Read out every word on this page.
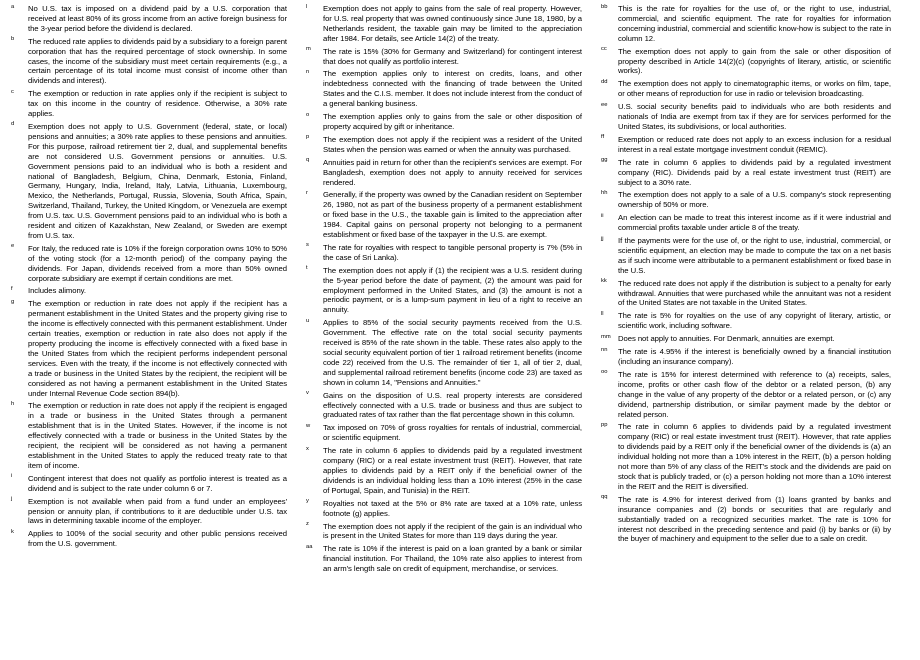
a No U.S. tax is imposed on a dividend paid by a U.S. corporation that received at least 80% of its gross income from an active foreign business for the 3-year period before the dividend is declared.
b The reduced rate applies to dividends paid by a subsidiary to a foreign parent corporation that has the required percentage of stock ownership. In some cases, the income of the subsidiary must meet certain requirements (e.g., a certain percentage of its total income must consist of income other than dividends and interest).
c The exemption or reduction in rate applies only if the recipient is subject to tax on this income in the country of residence. Otherwise, a 30% rate applies.
d Exemption does not apply to U.S. Government (federal, state, or local) pensions and annuities; a 30% rate applies to these pensions and annuities. For this purpose, railroad retirement tier 2, dual, and supplemental benefits are not considered U.S. Government pensions or annuities. U.S. Government pensions paid to an individual who is both a resident and national of Bangladesh, Belgium, China, Denmark, Estonia, Finland, Germany, Hungary, India, Ireland, Italy, Latvia, Lithuania, Luxembourg, Mexico, the Netherlands, Portugal, Russia, Slovenia, South Africa, Spain, Switzerland, Thailand, Turkey, the United Kingdom, or Venezuela are exempt from U.S. tax. U.S. Government pensions paid to an individual who is both a resident and citizen of Kazakhstan, New Zealand, or Sweden are exempt from U.S. tax.
e For Italy, the reduced rate is 10% if the foreign corporation owns 10% to 50% of the voting stock (for a 12-month period) of the company paying the dividends. For Japan, dividends received from a more than 50% owned corporate subsidiary are exempt if certain conditions are met.
f Includes alimony.
g The exemption or reduction in rate does not apply if the recipient has a permanent establishment in the United States and the property giving rise to the income is effectively connected with this permanent establishment. Under certain treaties, exemption or reduction in rate also does not apply if the property producing the income is effectively connected with a fixed base in the United States from which the recipient performs independent personal services. Even with the treaty, if the income is not effectively connected with a trade or business in the United States by the recipient, the recipient will be considered as not having a permanent establishment in the United States under Internal Revenue Code section 894(b).
h The exemption or reduction in rate does not apply if the recipient is engaged in a trade or business in the United States through a permanent establishment that is in the United States. However, if the income is not effectively connected with a trade or business in the United States by the recipient, the recipient will be considered as not having a permanent establishment in the United States to apply the reduced treaty rate to that item of income.
i Contingent interest that does not qualify as portfolio interest is treated as a dividend and is subject to the rate under column 6 or 7.
j Exemption is not available when paid from a fund under an employees' pension or annuity plan, if contributions to it are deductible under U.S. tax laws in determining taxable income of the employer.
k Applies to 100% of the social security and other public pensions received from the U.S. government.
l Exemption does not apply to gains from the sale of real property. However, for U.S. real property that was owned continuously since June 18, 1980, by a Netherlands resident, the taxable gain may be limited to the appreciation after 1984. For details, see Article 14(2) of the treaty.
m The rate is 15% (30% for Germany and Switzerland) for contingent interest that does not qualify as portfolio interest.
n The exemption applies only to interest on credits, loans, and other indebtedness connected with the financing of trade between the United States and the C.I.S. member. It does not include interest from the conduct of a general banking business.
o The exemption applies only to gains from the sale or other disposition of property acquired by gift or inheritance.
p The exemption does not apply if the recipient was a resident of the United States when the pension was earned or when the annuity was purchased.
q Annuities paid in return for other than the recipient's services are exempt. For Bangladesh, exemption does not apply to annuity received for services rendered.
r Generally, if the property was owned by the Canadian resident on September 26, 1980, not as part of the business property of a permanent establishment or fixed base in the U.S., the taxable gain is limited to the appreciation after 1984. Capital gains on personal property not belonging to a permanent establishment or fixed base of the taxpayer in the U.S. are exempt.
s The rate for royalties with respect to tangible personal property is 7% (5% in the case of Sri Lanka).
t The exemption does not apply if (1) the recipient was a U.S. resident during the 5-year period before the date of payment, (2) the amount was paid for employment performed in the United States, and (3) the amount is not a periodic payment, or is a lump-sum payment in lieu of a right to receive an annuity.
u Applies to 85% of the social security payments received from the U.S. Government. The effective rate on the total social security payments received is 85% of the rate shown in the table. These rates also apply to the social security equivalent portion of tier 1 railroad retirement benefits (income code 22) received from the U.S. The remainder of tier 1, all of tier 2, dual, and supplemental railroad retirement benefits (income code 23) are taxed as shown in column 14, "Pensions and Annuities."
v Gains on the disposition of U.S. real property interests are considered effectively connected with a U.S. trade or business and thus are subject to graduated rates of tax rather than the flat percentage shown in this column.
w Tax imposed on 70% of gross royalties for rentals of industrial, commercial, or scientific equipment.
x The rate in column 6 applies to dividends paid by a regulated investment company (RIC) or a real estate investment trust (REIT). However, that rate applies to dividends paid by a REIT only if the beneficial owner of the dividends is an individual holding less than a 10% interest (25% in the case of Portugal, Spain, and Tunisia) in the REIT.
y Royalties not taxed at the 5% or 8% rate are taxed at a 10% rate, unless footnote (g) applies.
z The exemption does not apply if the recipient of the gain is an individual who is present in the United States for more than 119 days during the year.
aa The rate is 10% if the interest is paid on a loan granted by a bank or similar financial institution. For Thailand, the 10% rate also applies to interest from an arm's length sale on credit of equipment, merchandise, or services.
bb This is the rate for royalties for the use of, or the right to use, industrial, commercial, and scientific equipment. The rate for royalties for information concerning industrial, commercial and scientific know-how is subject to the rate in column 12.
cc The exemption does not apply to gain from the sale or other disposition of property described in Article 14(2)(c) (copyrights of literary, artistic, or scientific works).
dd The exemption does not apply to cinematographic items, or works on film, tape, or other means of reproduction for use in radio or television broadcasting.
ee U.S. social security benefits paid to individuals who are both residents and nationals of India are exempt from tax if they are for services performed for the United States, its subdivisions, or local authorities.
ff Exemption or reduced rate does not apply to an excess inclusion for a residual interest in a real estate mortgage investment conduit (REMIC).
gg The rate in column 6 applies to dividends paid by a regulated investment company (RIC). Dividends paid by a real estate investment trust (REIT) are subject to a 30% rate.
hh The exemption does not apply to a sale of a U.S. company's stock representing ownership of 50% or more.
ii An election can be made to treat this interest income as if it were industrial and commercial profits taxable under article 8 of the treaty.
jj If the payments were for the use of, or the right to use, industrial, commercial, or scientific equipment, an election may be made to compute the tax on a net basis as if such income were attributable to a permanent establishment or fixed base in the U.S.
kk The reduced rate does not apply if the distribution is subject to a penalty for early withdrawal. Annuities that were purchased while the annuitant was not a resident of the United States are not taxable in the United States.
ll The rate is 5% for royalties on the use of any copyright of literary, artistic, or scientific work, including software.
mm Does not apply to annuities. For Denmark, annuities are exempt.
nn The rate is 4.95% if the interest is beneficially owned by a financial institution (including an insurance company).
oo The rate is 15% for interest determined with reference to (a) receipts, sales, income, profits or other cash flow of the debtor or a related person, (b) any change in the value of any property of the debtor or a related person, or (c) any dividend, partnership distribution, or similar payment made by the debtor or related person.
pp The rate in column 6 applies to dividends paid by a regulated investment company (RIC) or real estate investment trust (REIT). However, that rate applies to dividends paid by a REIT only if the beneficial owner of the dividends is (a) an individual holding not more than a 10% interest in the REIT, (b) a person holding not more than 5% of any class of the REIT's stock and the dividends are paid on stock that is publicly traded, or (c) a person holding not more than a 10% interest in the REIT and the REIT is diversified.
qq The rate is 4.9% for interest derived from (1) loans granted by banks and insurance companies and (2) bonds or securities that are regularly and substantially traded on a recognized securities market. The rate is 10% for interest not described in the preceding sentence and paid (i) by banks or (ii) by the buyer of machinery and equipment to the seller due to a sale on credit.
